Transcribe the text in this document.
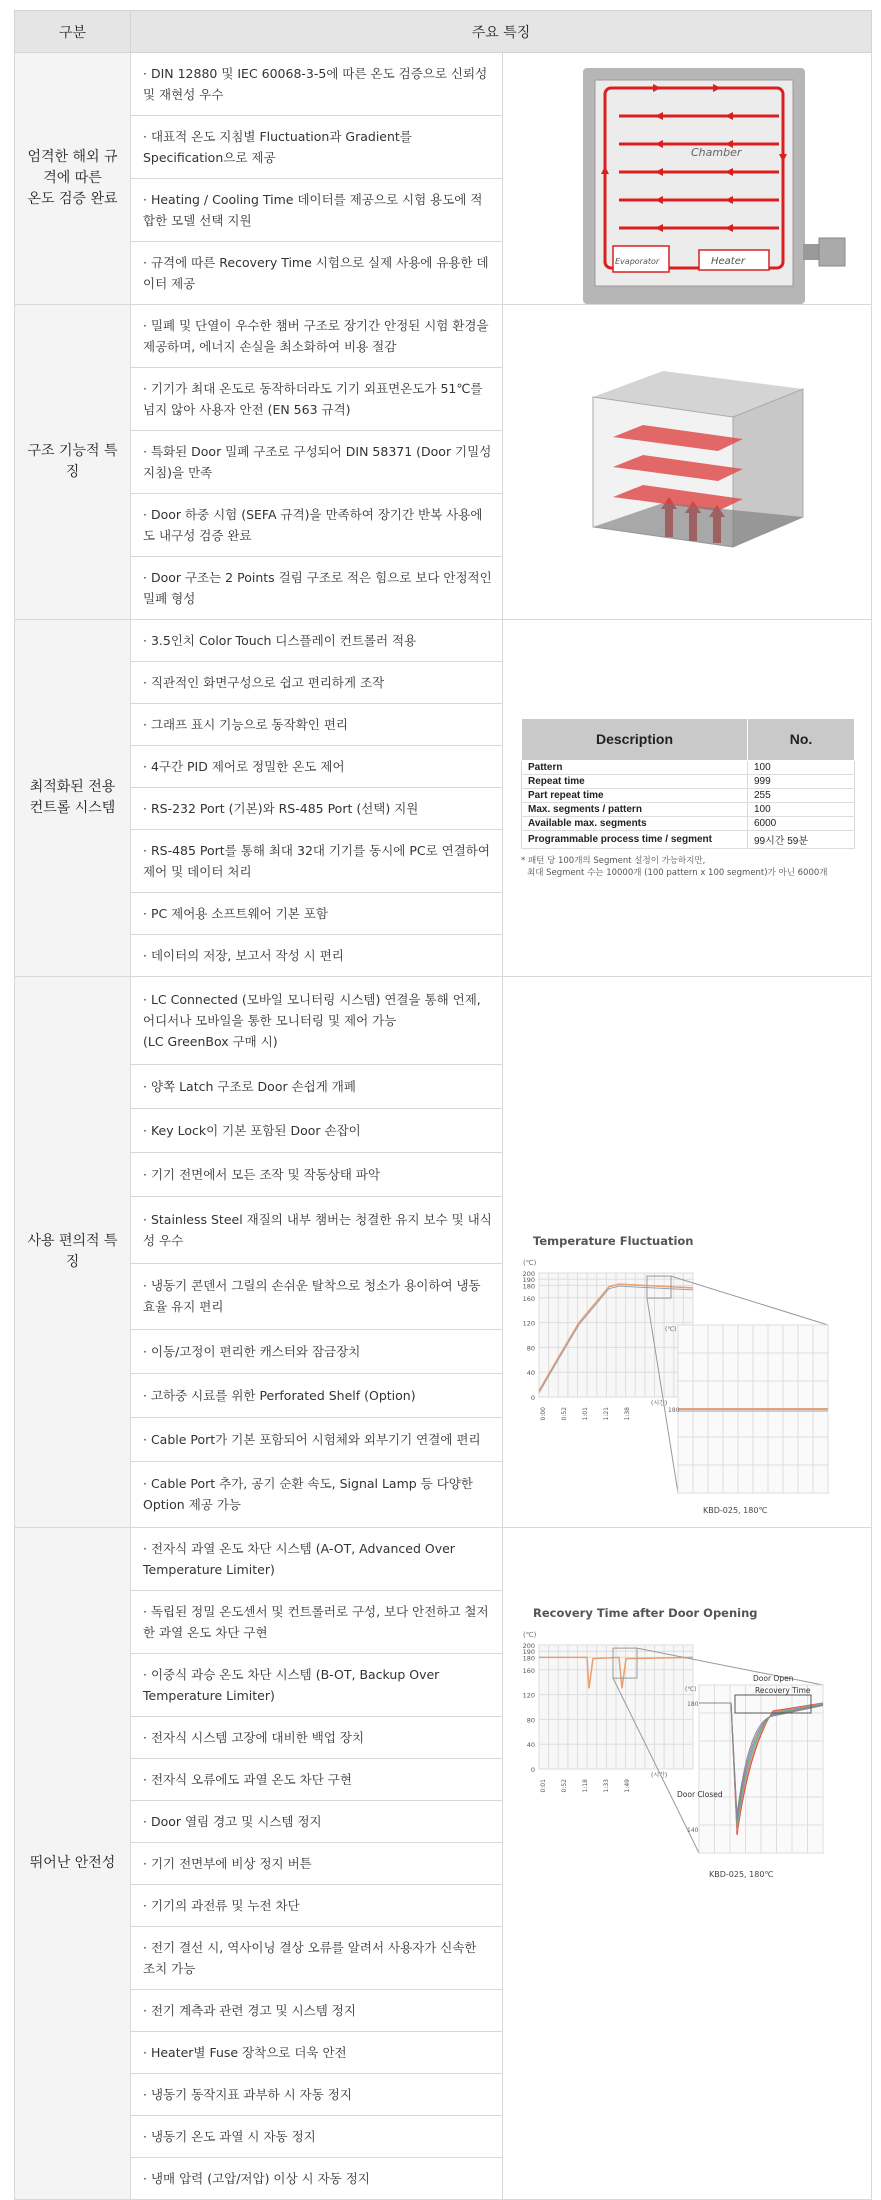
구분	주요 특징
엄격한 해외 규
격에 따른
온도 검증 완료	· DIN 12880 및 IEC 60068-3-5에 따른 온도 검증으로 신뢰성 및 재현성 우수	
Chamber
Evaporator	Heater

· 대표적 온도 지침별 Fluctuation과 Gradient를 Specification으로 제공
· Heating / Cooling Time 데이터를 제공으로 시험 용도에 적합한 모델 선택 지원
· 규격에 따른 Recovery Time 시험으로 실제 사용에 유용한 데이터 제공
구조 기능적 특
징	· 밀폐 및 단열이 우수한 챔버 구조로 장기간 안정된 시험 환경을 제공하며, 에너지 손실을 최소화하여 비용 절감	

· 기기가 최대 온도로 동작하더라도 기기 외표면온도가 51℃를 넘지 않아 사용자 안전 (EN 563 규격)
· 특화된 Door 밀폐 구조로 구성되어 DIN 58371 (Door 기밀성 지침)을 만족
· Door 하중 시험 (SEFA 규격)을 만족하여 장기간 반복 사용에도 내구성 검증 완료
· Door 구조는 2 Points 걸림 구조로 적은 힘으로 보다 안정적인 밀폐 형성
최적화된 전용
컨트롤 시스템	· 3.5인치 Color Touch 디스플레이 컨트롤러 적용	
Description	No.
Pattern	100
Repeat time	999
Part repeat time	255
Max. segments / pattern	100
Available max. segments	6000
Programmable process time / segment	99시간 59분
* 패턴 당 100개의 Segment 설정이 가능하지만,
최대 Segment 수는 10000개 (100 pattern x 100 segment)가 아닌 6000개

· 직관적인 화면구성으로 쉽고 편리하게 조작
· 그래프 표시 기능으로 동작확인 편리
· 4구간 PID 제어로 정밀한 온도 제어
· RS-232 Port (기본)와 RS-485 Port (선택) 지원
· RS-485 Port를 통해 최대 32대 기기를 동시에 PC로 연결하여 제어 및 데이터 처리
· PC 제어용 소프트웨어 기본 포함
· 데이터의 저장, 보고서 작성 시 편리
사용 편의적 특
징	· LC Connected (모바일 모니터링 시스템) 연결을 통해 언제, 어디서나 모바일을 통한 모니터링 및 제어 가능
(LC GreenBox 구매 시)	
Temperature Fluctuation
(℃)
200
190
180
160
120
80
40
0
0:00 0:52 1:01 1:21 1:38
(시간)
(℃)
180
KBD-025, 180℃

· 양쪽 Latch 구조로 Door 손쉽게 개폐
· Key Lock이 기본 포함된 Door 손잡이
· 기기 전면에서 모든 조작 및 작동상태 파악
· Stainless Steel 재질의 내부 챔버는 청결한 유지 보수 및 내식성 우수
· 냉동기 콘덴서 그릴의 손쉬운 탈착으로 청소가 용이하여 냉동 효율 유지 편리
· 이동/고정이 편리한 캐스터와 잠금장치
· 고하중 시료를 위한 Perforated Shelf (Option)
· Cable Port가 기본 포함되어 시험체와 외부기기 연결에 편리
· Cable Port 추가, 공기 순환 속도, Signal Lamp 등 다양한 Option 제공 가능
뛰어난 안전성	· 전자식 과열 온도 차단 시스템 (A-OT, Advanced Over Temperature Limiter)	
Recovery Time after Door Opening
(℃)
200
190
180
160
120
80
40
0
0:01 0:52 1:18 1:33 1:49
(시간)
Door Open
Recovery Time
Door Closed
(℃)
180
140
KBD-025, 180℃

· 독립된 정밀 온도센서 및 컨트롤러로 구성, 보다 안전하고 철저한 과열 온도 차단 구현
· 이중식 과승 온도 차단 시스템 (B-OT, Backup Over Temperature Limiter)
· 전자식 시스템 고장에 대비한 백업 장치
· 전자식 오류에도 과열 온도 차단 구현
· Door 열림 경고 및 시스템 정지
· 기기 전면부에 비상 정지 버튼
· 기기의 과전류 및 누전 차단
· 전기 결선 시, 역사이닝 결상 오류를 알려서 사용자가 신속한 조치 가능
· 전기 계측과 관련 경고 및 시스템 정지
· Heater별 Fuse 장착으로 더욱 안전
· 냉동기 동작지표 과부하 시 자동 정지
· 냉동기 온도 과열 시 자동 정지
· 냉매 압력 (고압/저압) 이상 시 자동 정지
